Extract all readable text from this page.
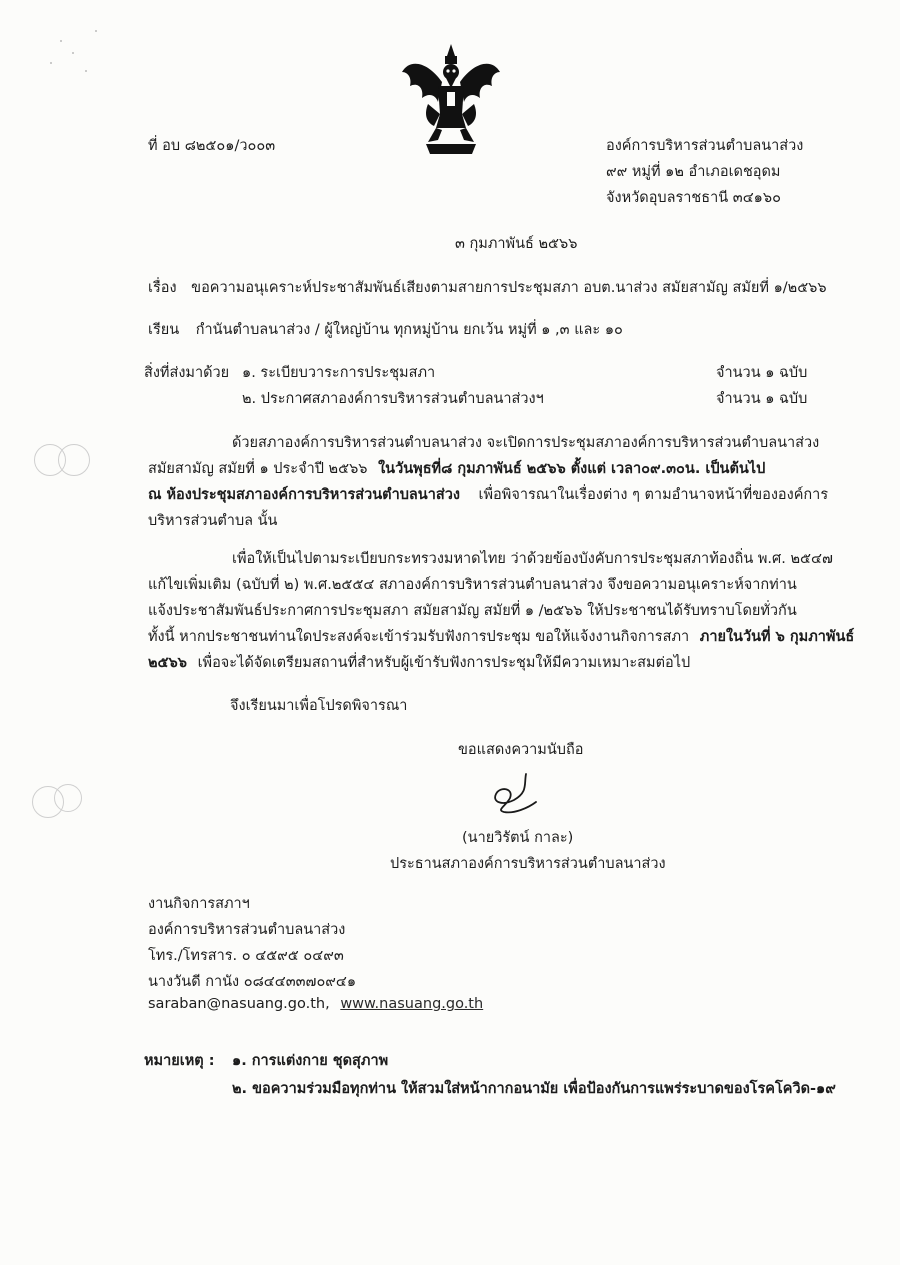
ที่ อบ ๘๒๕๐๑/ว๐๐๓	องค์การบริหารส่วนตำบลนาส่วง
๙๙ หมู่ที่ ๑๒ อำเภอเดชอุดม
จังหวัดอุบลราชธานี ๓๔๑๖๐
๓ กุมภาพันธ์ ๒๕๖๖
เรื่อง ขอความอนุเคราะห์ประชาสัมพันธ์เสียงตามสายการประชุมสภา อบต.นาส่วง สมัยสามัญ สมัยที่ ๑/๒๕๖๖
เรียน กำนันตำบลนาส่วง / ผู้ใหญ่บ้าน ทุกหมู่บ้าน ยกเว้น หมู่ที่ ๑ ,๓ และ ๑๐
สิ่งที่ส่งมาด้วย ๑. ระเบียบวาระการประชุมสภา	จำนวน ๑ ฉบับ
๒. ประกาศสภาองค์การบริหารส่วนตำบลนาส่วงฯ	จำนวน ๑ ฉบับ
ด้วยสภาองค์การบริหารส่วนตำบลนาส่วง จะเปิดการประชุมสภาองค์การบริหารส่วนตำบลนาส่วง
สมัยสามัญ สมัยที่ ๑ ประจำปี ๒๕๖๖ ในวันพุธที่๘ กุมภาพันธ์ ๒๕๖๖ ตั้งแต่ เวลา๐๙.๓๐น. เป็นต้นไป
ณ ห้องประชุมสภาองค์การบริหารส่วนตำบลนาส่วง เพื่อพิจารณาในเรื่องต่าง ๆ ตามอำนาจหน้าที่ขององค์การ
บริหารส่วนตำบล นั้น
เพื่อให้เป็นไปตามระเบียบกระทรวงมหาดไทย ว่าด้วยข้องบังคับการประชุมสภาท้องถิ่น พ.ศ. ๒๕๔๗
แก้ไขเพิ่มเติม (ฉบับที่ ๒) พ.ศ.๒๕๕๔ สภาองค์การบริหารส่วนตำบลนาส่วง จึงขอความอนุเคราะห์จากท่าน
แจ้งประชาสัมพันธ์ประกาศการประชุมสภา สมัยสามัญ สมัยที่ ๑ /๒๕๖๖ ให้ประชาชนได้รับทราบโดยทั่วกัน
ทั้งนี้ หากประชาชนท่านใดประสงค์จะเข้าร่วมรับฟังการประชุม ขอให้แจ้งงานกิจการสภา ภายในวันที่ ๖ กุมภาพันธ์
๒๕๖๖ เพื่อจะได้จัดเตรียมสถานที่สำหรับผู้เข้ารับฟังการประชุมให้มีความเหมาะสมต่อไป
จึงเรียนมาเพื่อโปรดพิจารณา
ขอแสดงความนับถือ
(นายวิรัตน์ กาละ)
ประธานสภาองค์การบริหารส่วนตำบลนาส่วง
งานกิจการสภาฯ
องค์การบริหารส่วนตำบลนาส่วง
โทร./โทรสาร. ๐ ๔๕๙๕ ๐๔๙๓
นางวันดี กานัง ๐๘๔๔๓๓๗๐๙๔๑
saraban@nasuang.go.th, www.nasuang.go.th
หมายเหตุ : ๑. การแต่งกาย ชุดสุภาพ
๒. ขอความร่วมมือทุกท่าน ให้สวมใส่หน้ากากอนามัย เพื่อป้องกันการแพร่ระบาดของโรคโควิด-๑๙
